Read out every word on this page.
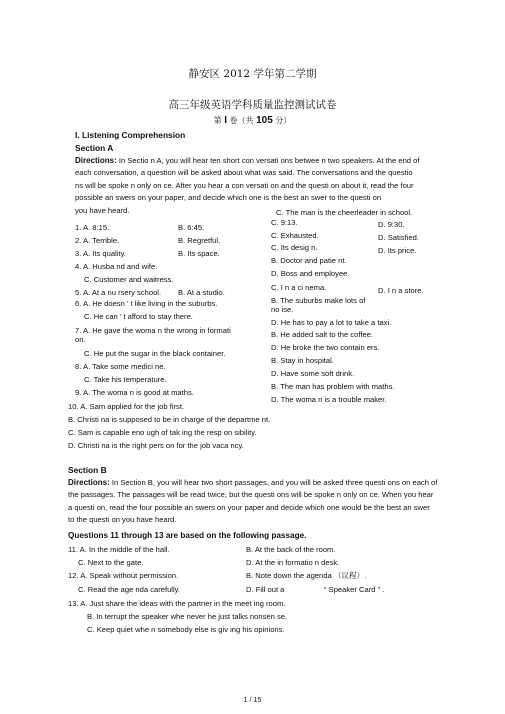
静安区 2012 学年第二学期
高三年级英语学科质量监控测试试卷
第 I 卷（共 105 分）
I. Listening Comprehension
Section A
Directions: In Sectio n A, you will hear ten short con versati ons betwee n two speakers. At the end of
each conversation, a question will be asked about what was said. The conversations and the questio
ns will be spoke n only on ce. After you hear a con versati on and the questi on about it, read the four
possible an swers on your paper, and decide which one is the best an swer to the questi on
you have heard.
1. A. 8:15.
2. A. Terrible.
3. A. Its quality.
4. A. Husba nd and wife.
C. Customer and waitress.
5. A. At a nu rsery school.
6. A. He doesn ’ t like living in the suburbs.
C. He can ’ t afford to stay there.
7. A. He gave the woma n the wrong in formati
on.
C. He put the sugar in the black container.
8. A. Take some medici ne.
C. Take his temperature.
9. A. The woma n is good at maths.
10. A. Sam applied for the job first.
B. 6:45.
B. Regretful.
B. Its space.
B. At a studio.
C. The man is the cheerleader in school.
C. 9:13.
C. Exhausted.
C. Its desig n.
B. Doctor and patie nt.
D. Boss and employee.
C. I n a ci nema.
B. The suburbs make lots of
no ise.
D. He has to pay a lot to take a taxi.
B. He added salt to the coffee.
D. He broke the two contain ers.
B. Stay in hospital.
D. Have some soft drink.
B. The man has problem with maths.
D. The woma n is a trouble maker.
D. 9:30.
D. Satisfied.
D. Its price.
D. I n a store.
B. Christi na is supposed to be in charge of the departme nt.
C. Sam is capable eno ugh of tak ing the resp on sibility.
D. Christi na is the right pers on for the job vaca ncy.
Section B
Directions: In Section B, you will hear two short passages, and you will be asked three questi ons on each of
the passages. The passages will be read twice, but the questi ons will be spoke n only on ce. When you hear
a questi on, read the four possible an swers on your paper and decide which one would be the best an swer
to the questi on you have heard.
Questions 11 through 13 are based on the following passage.
11. A. In the middle of the hall.
C. Next to the gate.
12. A. Speak without permission.
C. Read the age nda carefully.
13. A. Just share the ideas with the partner in the meet ing room.
B. In terrupt the speaker whe never he just talks nonsen se.
C. Keep quiet whe n somebody else is giv ing his opinions.
B. At the back of the room.
D. At the in formatio n desk.
B. Note down the agenda （议程）.
D. Fill out a	“ Speaker Card ” .
1 / 15
